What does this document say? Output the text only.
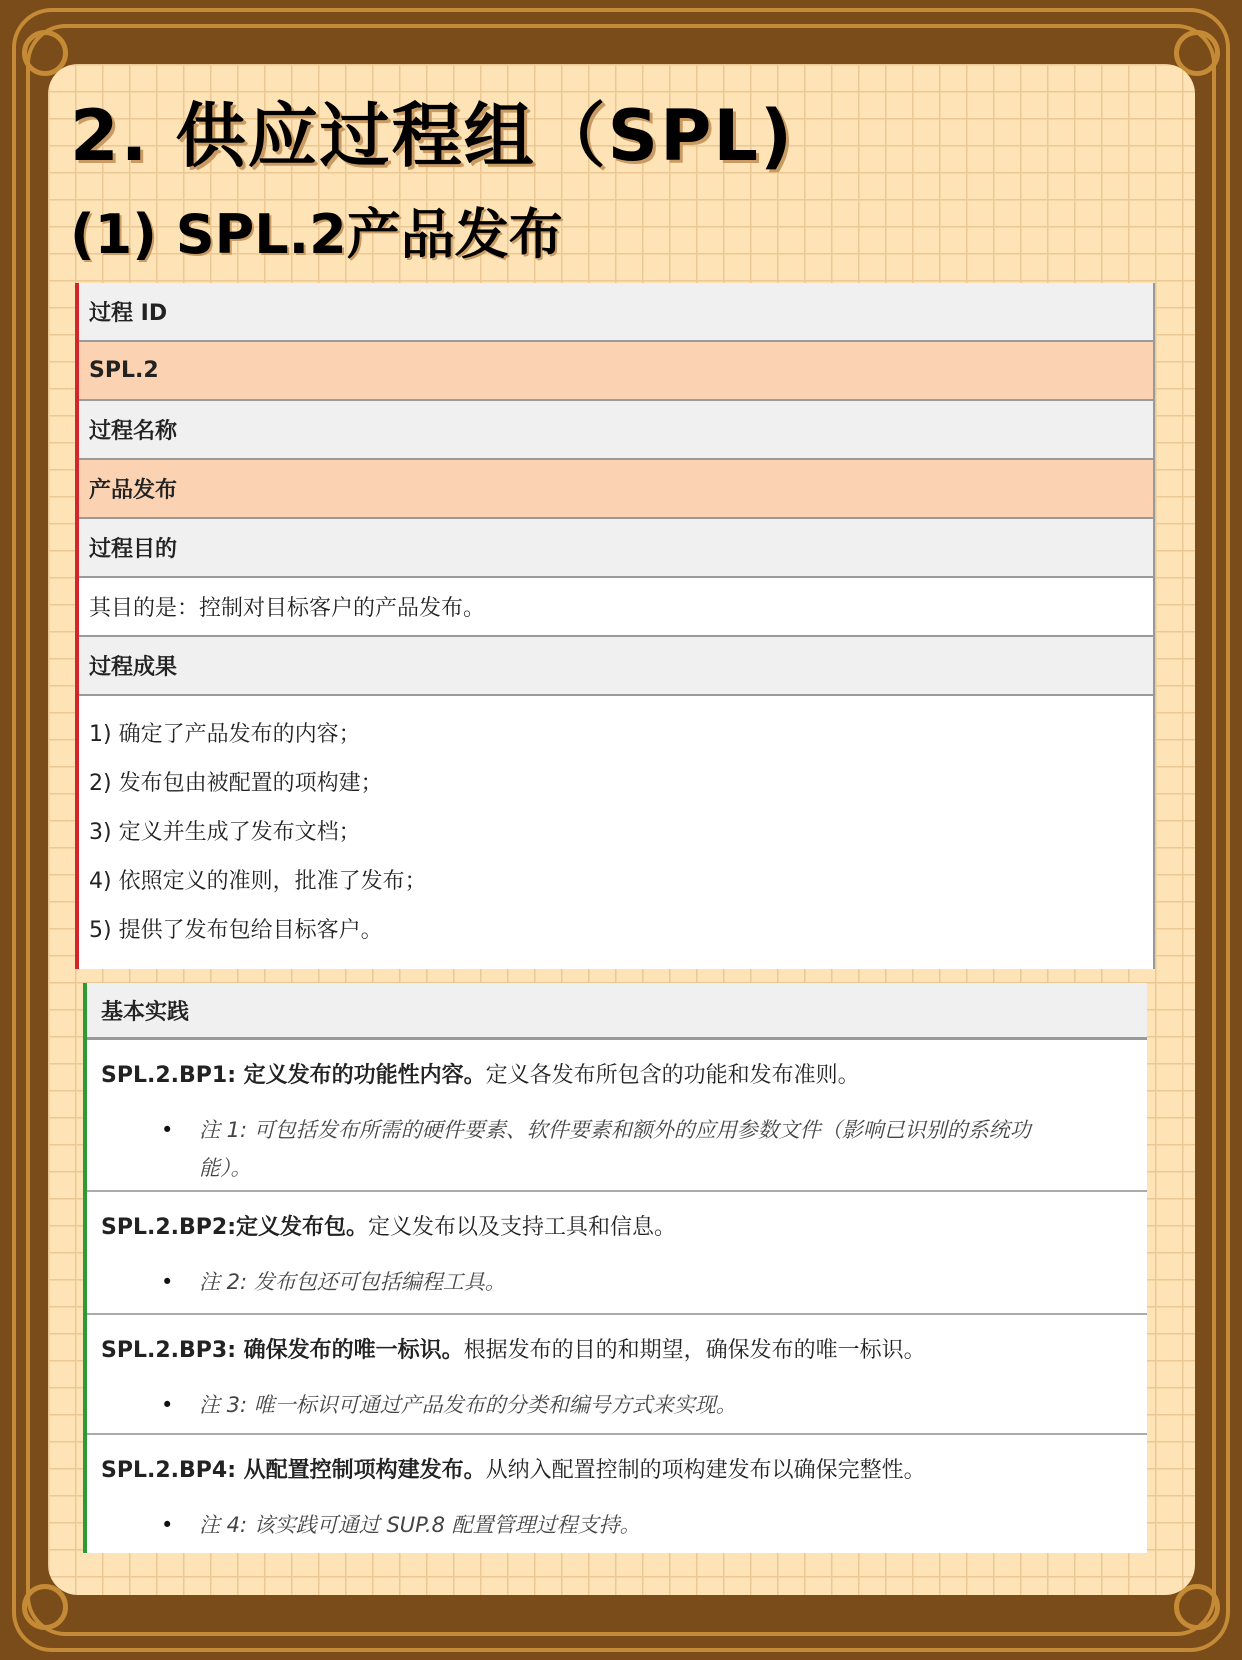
2. 供应过程组（SPL)
(1) SPL.2产品发布
过程 ID
SPL.2
过程名称
产品发布
过程目的
其目的是：控制对目标客户的产品发布。
过程成果
1) 确定了产品发布的内容；
2) 发布包由被配置的项构建；
3) 定义并生成了发布文档；
4) 依照定义的准则，批准了发布；
5) 提供了发布包给目标客户。
基本实践
SPL.2.BP1: 定义发布的功能性内容。定义各发布所包含的功能和发布准则。
• 注 1: 可包括发布所需的硬件要素、软件要素和额外的应用参数文件（影响已识别的系统功能）。
SPL.2.BP2:定义发布包。定义发布以及支持工具和信息。
• 注 2: 发布包还可包括编程工具。
SPL.2.BP3: 确保发布的唯一标识。根据发布的目的和期望，确保发布的唯一标识。
• 注 3: 唯一标识可通过产品发布的分类和编号方式来实现。
SPL.2.BP4: 从配置控制项构建发布。从纳入配置控制的项构建发布以确保完整性。
• 注 4: 该实践可通过 SUP.8 配置管理过程支持。
